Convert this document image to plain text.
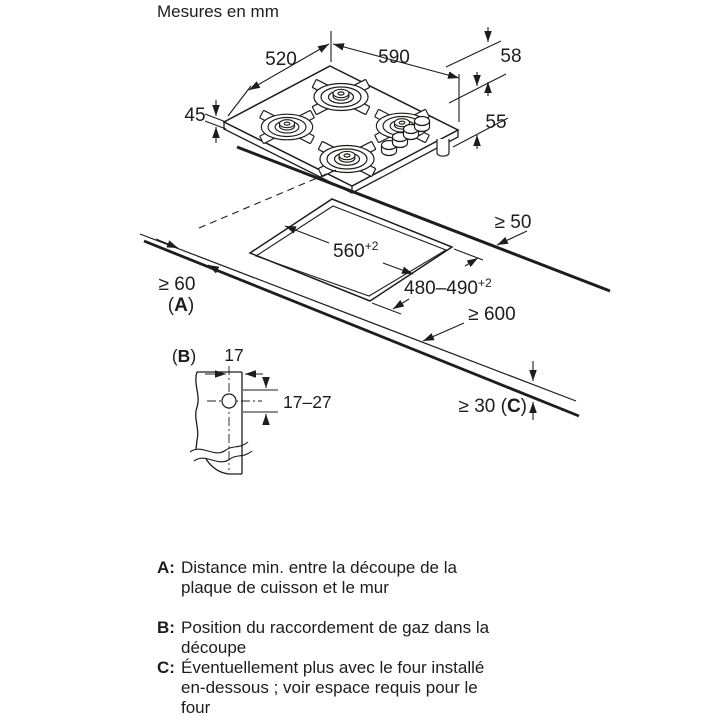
Mesures en mm
520	590	58
45	55
$560^{+2}$
$480-490^{+2}$
≥ 50
≥ 600
≥ 60
(A)
≥ 30 (C)
(B) 17
17–27

A: Distance min. entre la découpe de la plaque de cuisson et le mur

B: Position du raccordement de gaz dans la découpe

C: Éventuellement plus avec le four installé en-dessous ; voir espace requis pour le four
